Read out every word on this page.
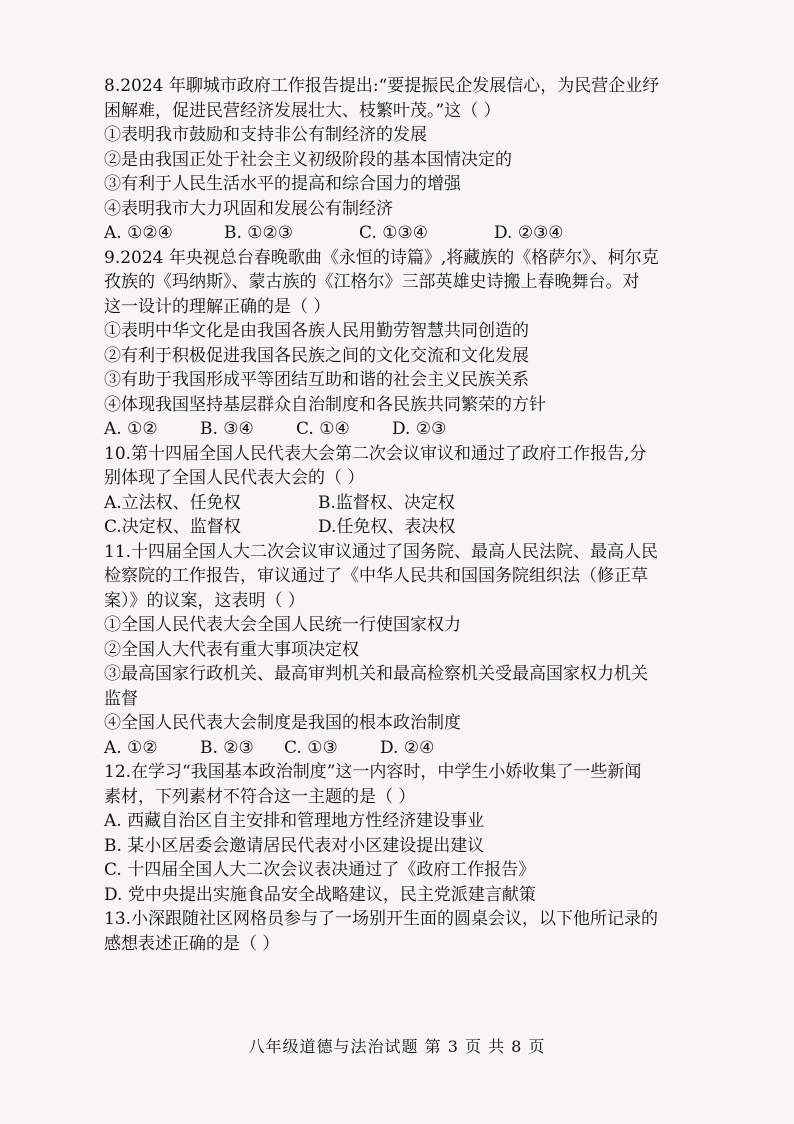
8.2024 年聊城市政府工作报告提出:“要提振民企发展信心，为民营企业纾
困解难，促进民营经济发展壮大、枝繁叶茂。”这（ ）
①表明我市鼓励和支持非公有制经济的发展
②是由我国正处于社会主义初级阶段的基本国情决定的
③有利于人民生活水平的提高和综合国力的增强
④表明我市大力巩固和发展公有制经济
A. ①②④	B. ①②③	C. ①③④	D. ②③④
9.2024 年央视总台春晚歌曲《永恒的诗篇》,将藏族的《格萨尔》、柯尔克
孜族的《玛纳斯》、蒙古族的《江格尔》三部英雄史诗搬上春晚舞台。对
这一设计的理解正确的是（ ）
①表明中华文化是由我国各族人民用勤劳智慧共同创造的
②有利于积极促进我国各民族之间的文化交流和文化发展
③有助于我国形成平等团结互助和谐的社会主义民族关系
④体现我国坚持基层群众自治制度和各民族共同繁荣的方针
A. ①②	B. ③④	C. ①④	D. ②③
10.第十四届全国人民代表大会第二次会议审议和通过了政府工作报告,分
别体现了全国人民代表大会的（ ）
A.立法权、任免权	B.监督权、决定权
C.决定权、监督权	D.任免权、表决权
11.十四届全国人大二次会议审议通过了国务院、最高人民法院、最高人民
检察院的工作报告，审议通过了《中华人民共和国国务院组织法（修正草
案）》的议案，这表明（ ）
①全国人民代表大会全国人民统一行使国家权力
②全国人大代表有重大事项决定权
③最高国家行政机关、最高审判机关和最高检察机关受最高国家权力机关
监督
④全国人民代表大会制度是我国的根本政治制度
A. ①②	B. ②③	C. ①③	D. ②④
12.在学习“我国基本政治制度”这一内容时，中学生小娇收集了一些新闻
素材，下列素材不符合这一主题的是（ ）
A. 西藏自治区自主安排和管理地方性经济建设事业
B. 某小区居委会邀请居民代表对小区建设提出建议
C. 十四届全国人大二次会议表决通过了《政府工作报告》
D. 党中央提出实施食品安全战略建议，民主党派建言献策
13.小深跟随社区网格员参与了一场别开生面的圆桌会议，以下他所记录的
感想表述正确的是（ ）
八年级道德与法治试题 第 3 页 共 8 页
